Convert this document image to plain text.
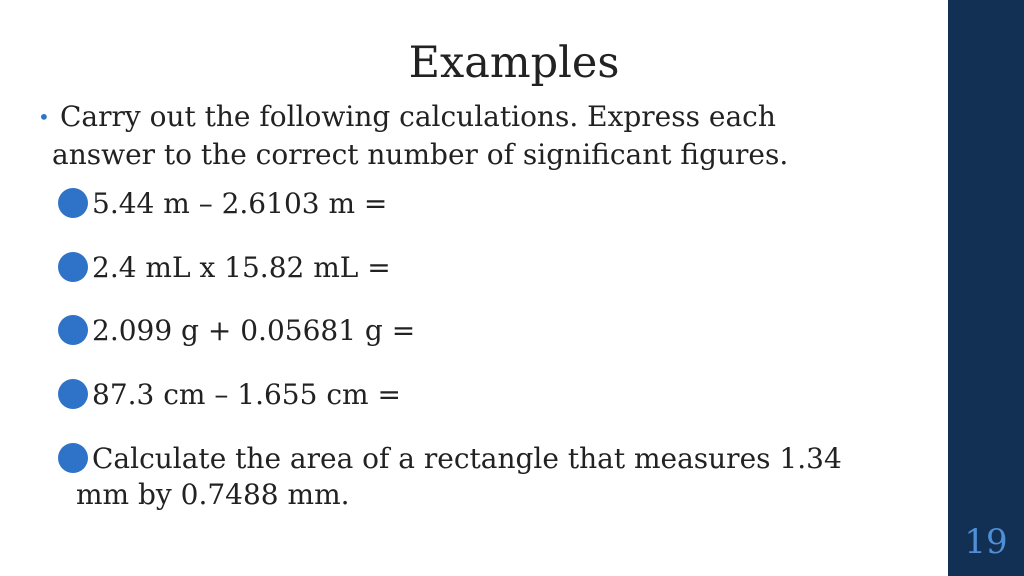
19
Examples
• Carry out the following calculations. Express each
answer to the correct number of significant figures.
5.44 m – 2.6103 m =
2.4 mL x 15.82 mL =
2.099 g + 0.05681 g =
87.3 cm – 1.655 cm =
Calculate the area of a rectangle that measures 1.34
mm by 0.7488 mm.
